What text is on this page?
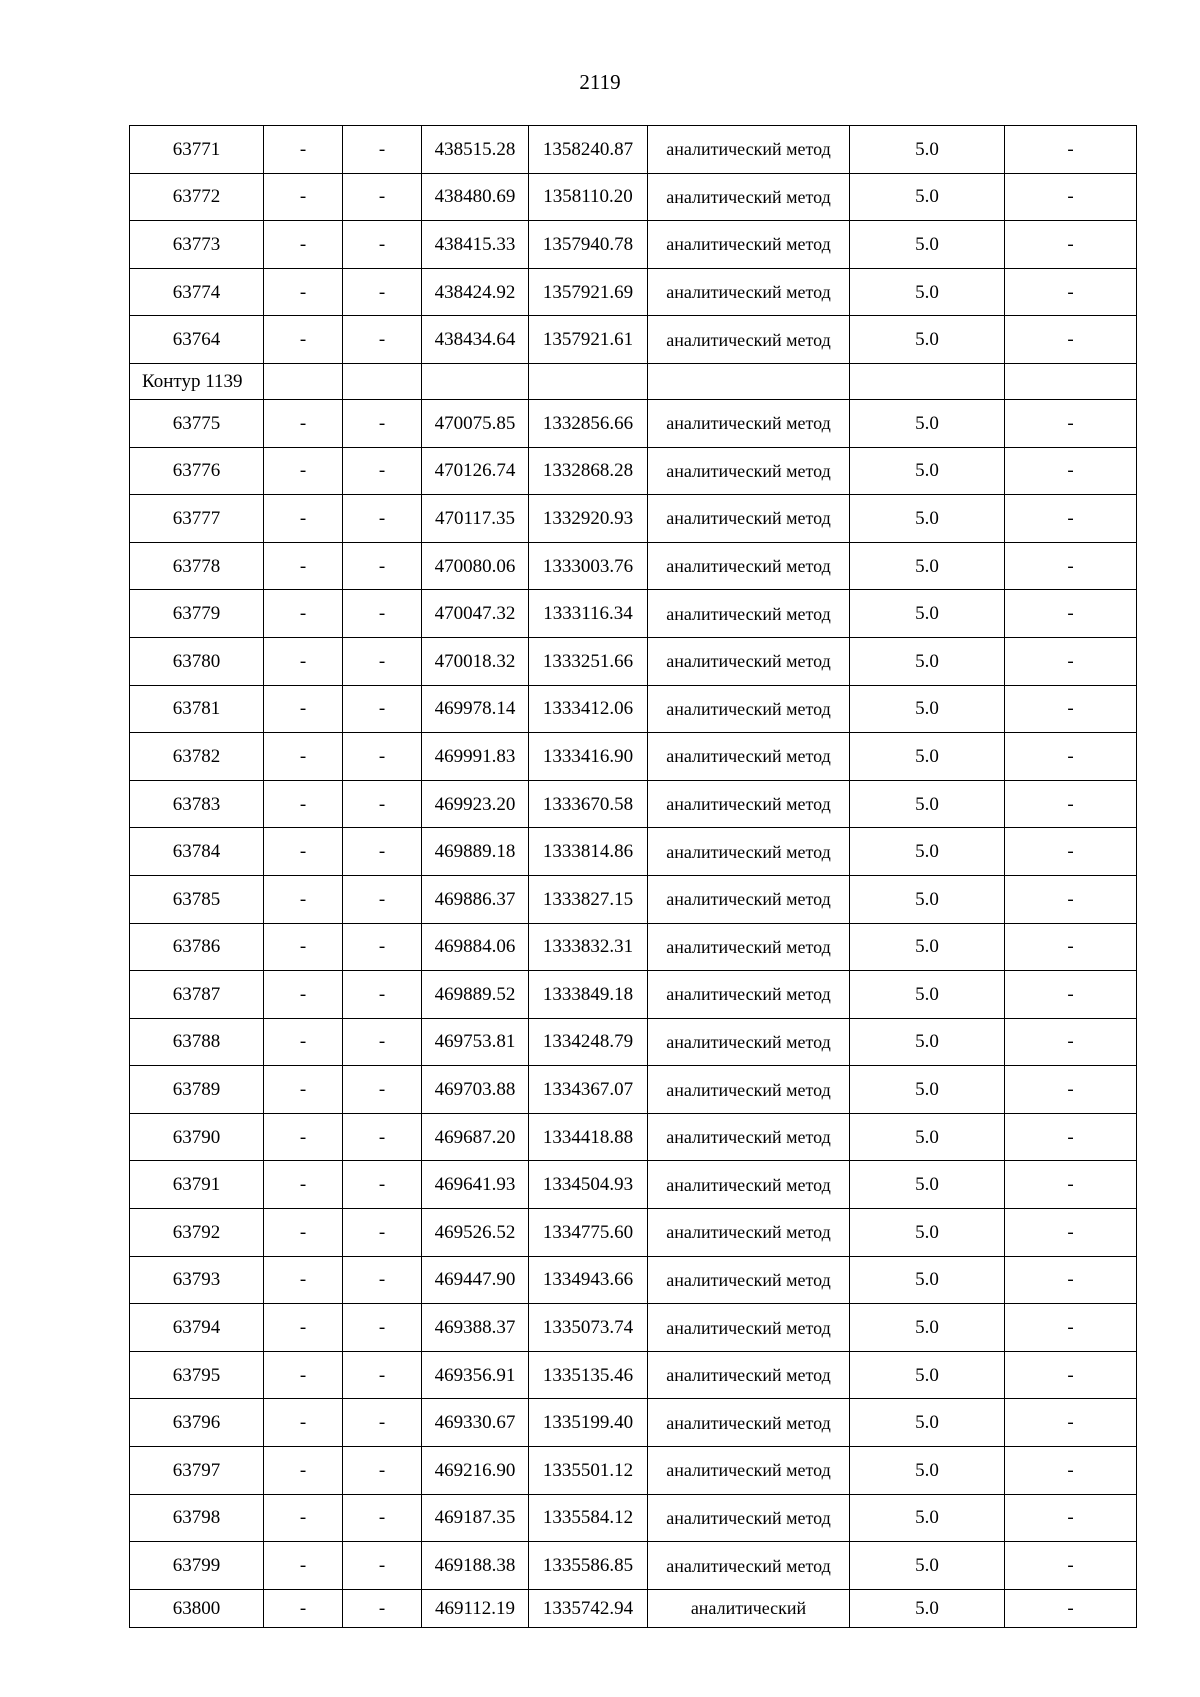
2119
63771	-	-	438515.28	1358240.87	аналитический метод	5.0	-
63772	-	-	438480.69	1358110.20	аналитический метод	5.0	-
63773	-	-	438415.33	1357940.78	аналитический метод	5.0	-
63774	-	-	438424.92	1357921.69	аналитический метод	5.0	-
63764	-	-	438434.64	1357921.61	аналитический метод	5.0	-
Контур 1139							
63775	-	-	470075.85	1332856.66	аналитический метод	5.0	-
63776	-	-	470126.74	1332868.28	аналитический метод	5.0	-
63777	-	-	470117.35	1332920.93	аналитический метод	5.0	-
63778	-	-	470080.06	1333003.76	аналитический метод	5.0	-
63779	-	-	470047.32	1333116.34	аналитический метод	5.0	-
63780	-	-	470018.32	1333251.66	аналитический метод	5.0	-
63781	-	-	469978.14	1333412.06	аналитический метод	5.0	-
63782	-	-	469991.83	1333416.90	аналитический метод	5.0	-
63783	-	-	469923.20	1333670.58	аналитический метод	5.0	-
63784	-	-	469889.18	1333814.86	аналитический метод	5.0	-
63785	-	-	469886.37	1333827.15	аналитический метод	5.0	-
63786	-	-	469884.06	1333832.31	аналитический метод	5.0	-
63787	-	-	469889.52	1333849.18	аналитический метод	5.0	-
63788	-	-	469753.81	1334248.79	аналитический метод	5.0	-
63789	-	-	469703.88	1334367.07	аналитический метод	5.0	-
63790	-	-	469687.20	1334418.88	аналитический метод	5.0	-
63791	-	-	469641.93	1334504.93	аналитический метод	5.0	-
63792	-	-	469526.52	1334775.60	аналитический метод	5.0	-
63793	-	-	469447.90	1334943.66	аналитический метод	5.0	-
63794	-	-	469388.37	1335073.74	аналитический метод	5.0	-
63795	-	-	469356.91	1335135.46	аналитический метод	5.0	-
63796	-	-	469330.67	1335199.40	аналитический метод	5.0	-
63797	-	-	469216.90	1335501.12	аналитический метод	5.0	-
63798	-	-	469187.35	1335584.12	аналитический метод	5.0	-
63799	-	-	469188.38	1335586.85	аналитический метод	5.0	-
63800	-	-	469112.19	1335742.94	аналитический	5.0	-
